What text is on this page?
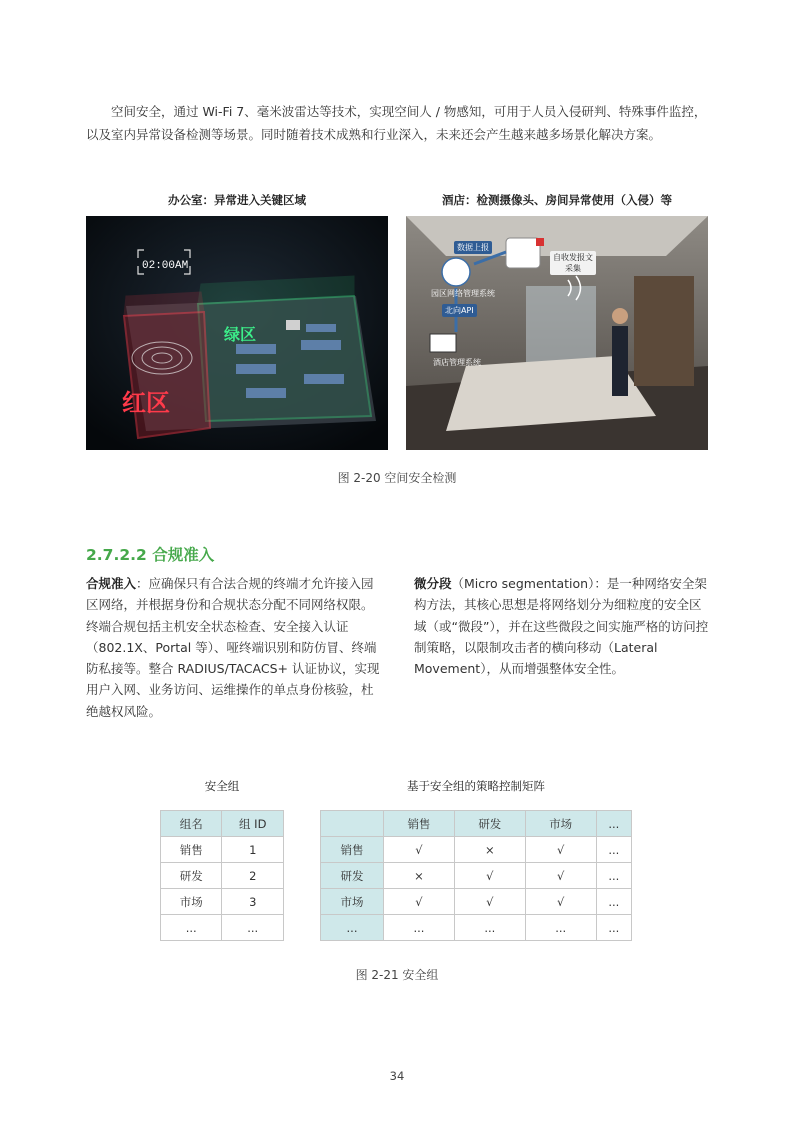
空间安全，通过 Wi-Fi 7、毫米波雷达等技术，实现空间人 / 物感知，可用于人员入侵研判、特殊事件监控，以及室内异常设备检测等场景。同时随着技术成熟和行业深入，未来还会产生越来越多场景化解决方案。

办公室：异常进入关键区域	酒店：检测摄像头、房间异常使用（入侵）等
02:00AM
红区
绿区
数据上报
自收发报文
采集
园区网络管理系统
北向API
酒店管理系统
图 2-20 空间安全检测
2.7.2.2 合规准入

合规准入：应确保只有合法合规的终端才允许接入园区网络，并根据身份和合规状态分配不同网络权限。终端合规包括主机安全状态检查、安全接入认证（802.1X、Portal 等）、哑终端识别和防仿冒、终端防私接等。整合 RADIUS/TACACS+ 认证协议，实现用户入网、业务访问、运维操作的单点身份核验，杜绝越权风险。

微分段（Micro segmentation）：是一种网络安全架构方法，其核心思想是将网络划分为细粒度的安全区域（或“微段”），并在这些微段之间实施严格的访问控制策略，以限制攻击者的横向移动（Lateral Movement），从而增强整体安全性。

安全组	基于安全组的策略控制矩阵
组名	组 ID
销售	1
研发	2
市场	3
...	...
	销售	研发	市场	...
销售	√	×	√	...
研发	×	√	√	...
市场	√	√	√	...
...	...	...	...	...
图 2-21 安全组
34
